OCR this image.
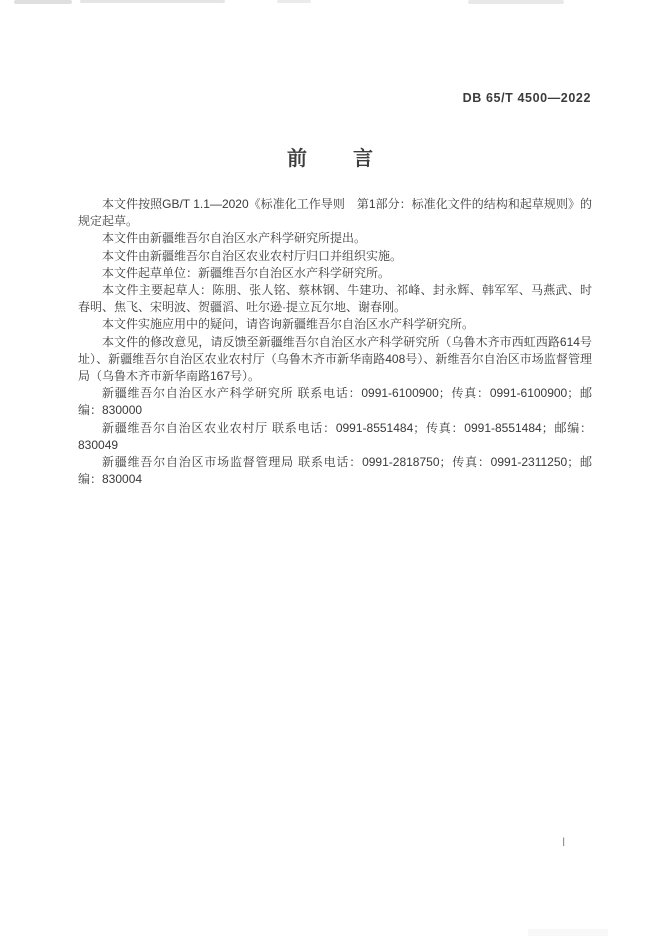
DB 65/T 4500—2022
前　　言

本文件按照GB/T 1.1—2020《标准化工作导则　第1部分：标准化文件的结构和起草规则》的规定起草。

本文件由新疆维吾尔自治区水产科学研究所提出。

本文件由新疆维吾尔自治区农业农村厅归口并组织实施。

本文件起草单位：新疆维吾尔自治区水产科学研究所。

本文件主要起草人：陈朋、张人铭、蔡林钢、牛建功、祁峰、封永辉、韩军军、马燕武、时春明、焦飞、宋明波、贺疆滔、吐尔逊·提立瓦尔地、谢春刚。

本文件实施应用中的疑问，请咨询新疆维吾尔自治区水产科学研究所。

本文件的修改意见，请反馈至新疆维吾尔自治区水产科学研究所（乌鲁木齐市西虹西路614号址）、新疆维吾尔自治区农业农村厅（乌鲁木齐市新华南路408号）、新维吾尔自治区市场监督管理局（乌鲁木齐市新华南路167号）。

新疆维吾尔自治区水产科学研究所 联系电话：0991-6100900；传真：0991-6100900；邮编：830000

新疆维吾尔自治区农业农村厅 联系电话：0991-8551484；传真：0991-8551484；邮编：830049

新疆维吾尔自治区市场监督管理局 联系电话：0991-2818750；传真：0991-2311250；邮编：830004

I
